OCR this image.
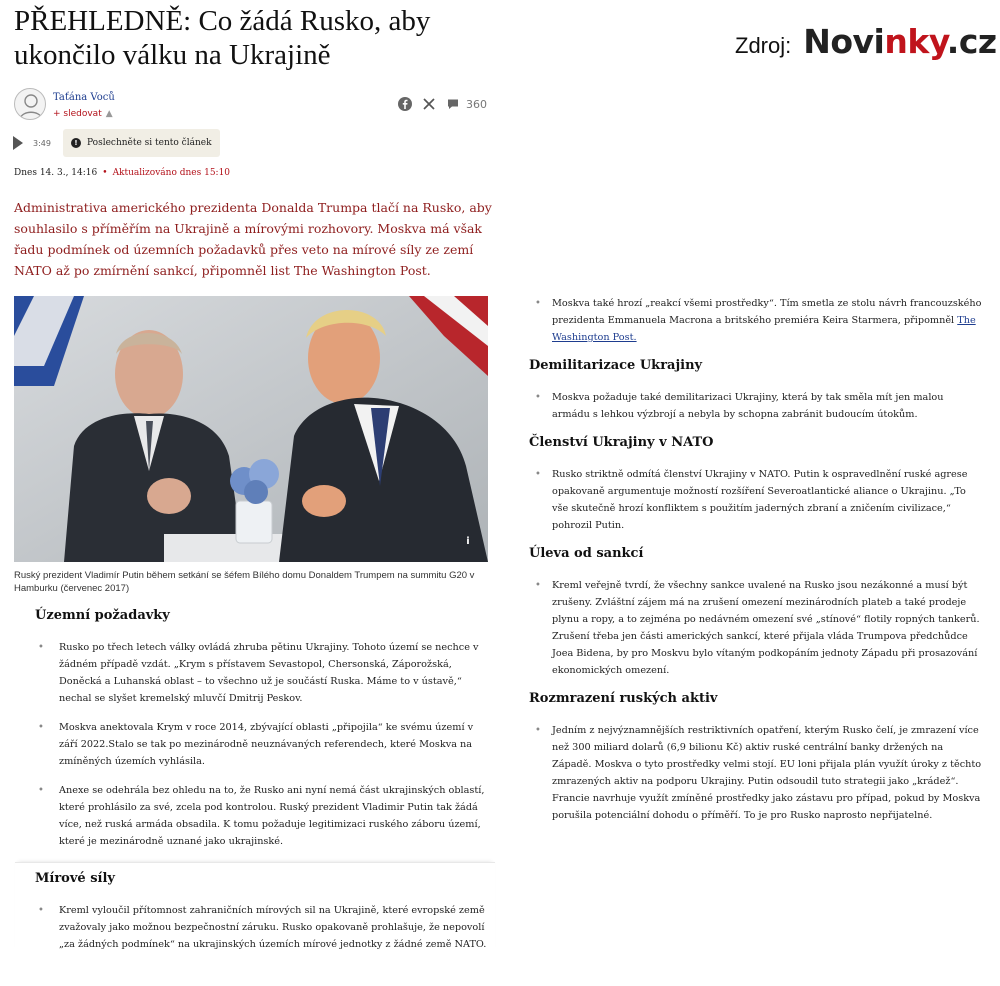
PŘEHLEDNĚ: Co žádá Rusko, aby ukončilo válku na Ukrajině	Zdroj: Novinky.cz
Taťána Voců
+ sledovat ▲
360
3:49	!	Poslechněte si tento článek
Dnes 14. 3., 14:16 • Aktualizováno dnes 15:10

Administrativa amerického prezidenta Donalda Trumpa tlačí na Rusko, aby souhlasilo s příměřím na Ukrajině a mírovými rozhovory. Moskva má však řadu podmínek od územních požadavků přes veto na mírové síly ze zemí NATO až po zmírnění sankcí, připomněl list The Washington Post.

i

Ruský prezident Vladimír Putin během setkání se šéfem Bílého domu Donaldem Trumpem na summitu G20 v Hamburku (červenec 2017)

Územní požadavky
• Rusko po třech letech války ovládá zhruba pětinu Ukrajiny. Tohoto území se nechce v žádném případě vzdát. „Krym s přístavem Sevastopol, Chersonská, Záporožská, Doněcká a Luhanská oblast – to všechno už je součástí Ruska. Máme to v ústavě,“ nechal se slyšet kremelský mluvčí Dmitrij Peskov.
• Moskva anektovala Krym v roce 2014, zbývající oblasti „připojila“ ke svému území v září 2022.Stalo se tak po mezinárodně neuznávaných referendech, které Moskva na zmíněných územích vyhlásila.
• Anexe se odehrála bez ohledu na to, že Rusko ani nyní nemá část ukrajinských oblastí, které prohlásilo za své, zcela pod kontrolou. Ruský prezident Vladimir Putin tak žádá více, než ruská armáda obsadila. K tomu požaduje legitimizaci ruského záboru území, které je mezinárodně uznané jako ukrajinské.
Mírové síly
• Kreml vyloučil přítomnost zahraničních mírových sil na Ukrajině, které evropské země zvažovaly jako možnou bezpečnostní záruku. Rusko opakovaně prohlašuje, že nepovolí „za žádných podmínek“ na ukrajinských územích mírové jednotky z žádné země NATO.
• Moskva také hrozí „reakcí všemi prostředky“. Tím smetla ze stolu návrh francouzského prezidenta Emmanuela Macrona a britského premiéra Keira Starmera, připomněl The Washington Post.
Demilitarizace Ukrajiny
• Moskva požaduje také demilitarizaci Ukrajiny, která by tak směla mít jen malou armádu s lehkou výzbrojí a nebyla by schopna zabránit budoucím útokům.
Členství Ukrajiny v NATO
• Rusko striktně odmítá členství Ukrajiny v NATO. Putin k ospravedlnění ruské agrese opakovaně argumentuje možností rozšíření Severoatlantické aliance o Ukrajinu. „To vše skutečně hrozí konfliktem s použitím jaderných zbraní a zničením civilizace,“ pohrozil Putin.
Úleva od sankcí
• Kreml veřejně tvrdí, že všechny sankce uvalené na Rusko jsou nezákonné a musí být zrušeny. Zvláštní zájem má na zrušení omezení mezinárodních plateb a také prodeje plynu a ropy, a to zejména po nedávném omezení své „stínové“ flotily ropných tankerů. Zrušení třeba jen části amerických sankcí, které přijala vláda Trumpova předchůdce Joea Bidena, by pro Moskvu bylo vítaným podkopáním jednoty Západu při prosazování ekonomických omezení.
Rozmrazení ruských aktiv
• Jedním z nejvýznamnějších restriktivních opatření, kterým Rusko čelí, je zmrazení více než 300 miliard dolarů (6,9 bilionu Kč) aktiv ruské centrální banky držených na Západě. Moskva o tyto prostředky velmi stojí. EU loni přijala plán využít úroky z těchto zmrazených aktiv na podporu Ukrajiny. Putin odsoudil tuto strategii jako „krádež“. Francie navrhuje využít zmíněné prostředky jako zástavu pro případ, pokud by Moskva porušila potenciální dohodu o příměří. To je pro Rusko naprosto nepřijatelné.
